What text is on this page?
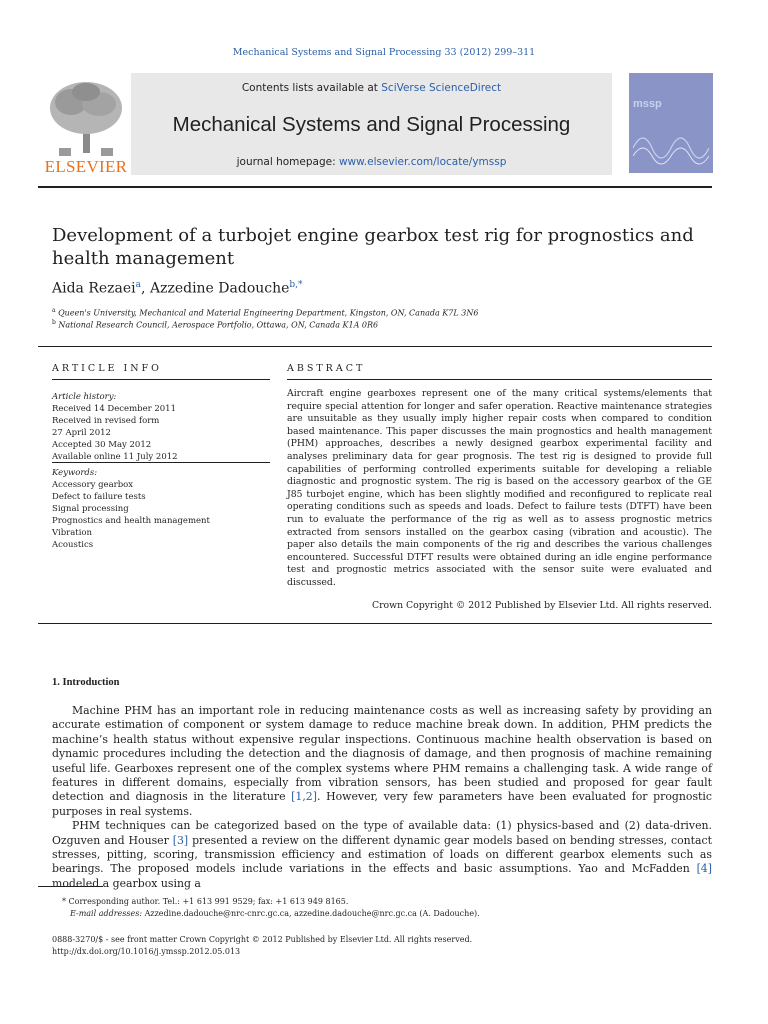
Mechanical Systems and Signal Processing 33 (2012) 299–311
ELSEVIER
Contents lists available at SciVerse ScienceDirect
Mechanical Systems and Signal Processing
journal homepage: www.elsevier.com/locate/ymssp
mssp
Development of a turbojet engine gearbox test rig for prognostics and health management
Aida Rezaei$^a$, Azzedine Dadouche$^{b,*}$
$^a$ Queen's University, Mechanical and Material Engineering Department, Kingston, ON, Canada K7L 3N6
$^b$ National Research Council, Aerospace Portfolio, Ottawa, ON, Canada K1A 0R6
ARTICLE INFO
Article history:
Received 14 December 2011
Received in revised form
27 April 2012
Accepted 30 May 2012
Available online 11 July 2012
Keywords:
Accessory gearbox
Defect to failure tests
Signal processing
Prognostics and health management
Vibration
Acoustics
ABSTRACT
Aircraft engine gearboxes represent one of the many critical systems/elements that require special attention for longer and safer operation. Reactive maintenance strategies are unsuitable as they usually imply higher repair costs when compared to condition based maintenance. This paper discusses the main prognostics and health management (PHM) approaches, describes a newly designed gearbox experimental facility and analyses preliminary data for gear prognosis. The test rig is designed to provide full capabilities of performing controlled experiments suitable for developing a reliable diagnostic and prognostic system. The rig is based on the accessory gearbox of the GE J85 turbojet engine, which has been slightly modified and reconfigured to replicate real operating conditions such as speeds and loads. Defect to failure tests (DTFT) have been run to evaluate the performance of the rig as well as to assess prognostic metrics extracted from sensors installed on the gearbox casing (vibration and acoustic). The paper also details the main components of the rig and describes the various challenges encountered. Successful DTFT results were obtained during an idle engine performance test and prognostic metrics associated with the sensor suite were evaluated and discussed.
Crown Copyright © 2012 Published by Elsevier Ltd. All rights reserved.
1. Introduction

Machine PHM has an important role in reducing maintenance costs as well as increasing safety by providing an accurate estimation of component or system damage to reduce machine break down. In addition, PHM predicts the machine’s health status without expensive regular inspections. Continuous machine health observation is based on dynamic procedures including the detection and the diagnosis of damage, and then prognosis of machine remaining useful life. Gearboxes represent one of the complex systems where PHM remains a challenging task. A wide range of features in different domains, especially from vibration sensors, has been studied and proposed for gear fault detection and diagnosis in the literature [1,2]. However, very few parameters have been evaluated for prognostic purposes in real systems.

PHM techniques can be categorized based on the type of available data: (1) physics-based and (2) data-driven. Ozguven and Houser [3] presented a review on the different dynamic gear models based on bending stresses, contact stresses, pitting, scoring, transmission efficiency and estimation of loads on different gearbox elements such as bearings. The proposed models include variations in the effects and basic assumptions. Yao and McFadden [4] modeled a gearbox using a

* Corresponding author. Tel.: +1 613 991 9529; fax: +1 613 949 8165.
E-mail addresses: Azzedine.dadouche@nrc-cnrc.gc.ca, azzedine.dadouche@nrc.gc.ca (A. Dadouche).
0888-3270/$ - see front matter Crown Copyright © 2012 Published by Elsevier Ltd. All rights reserved.
http://dx.doi.org/10.1016/j.ymssp.2012.05.013
